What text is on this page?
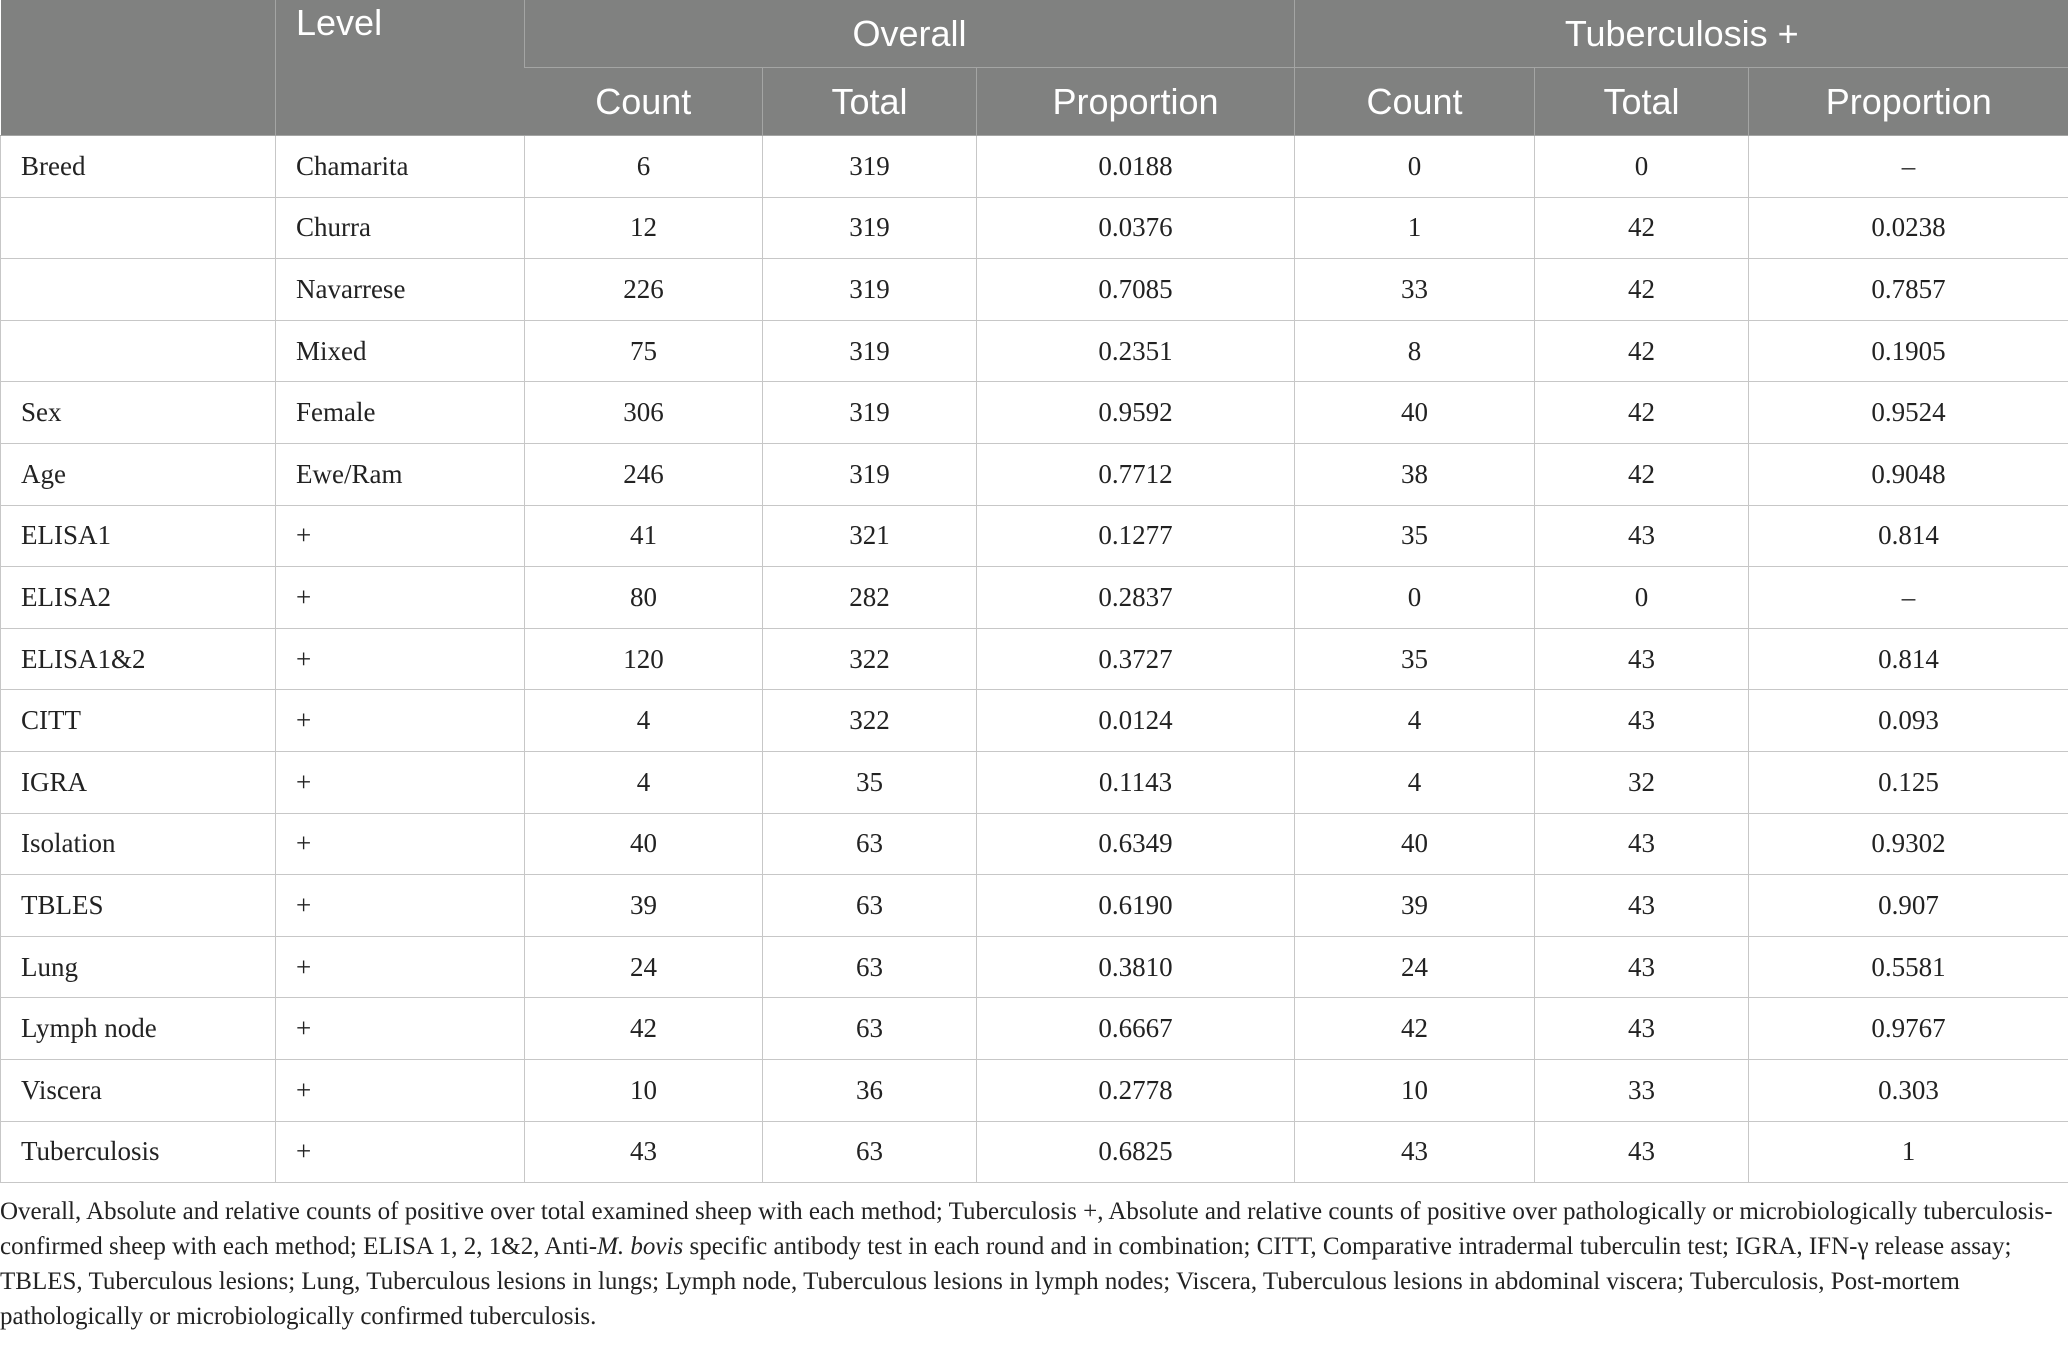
	Level	Overall			Tuberculosis +		
		Count	Total	Proportion	Count	Total	Proportion
Breed	Chamarita	6	319	0.0188	0	0	–
	Churra	12	319	0.0376	1	42	0.0238
	Navarrese	226	319	0.7085	33	42	0.7857
	Mixed	75	319	0.2351	8	42	0.1905
Sex	Female	306	319	0.9592	40	42	0.9524
Age	Ewe/Ram	246	319	0.7712	38	42	0.9048
ELISA1	+	41	321	0.1277	35	43	0.814
ELISA2	+	80	282	0.2837	0	0	–
ELISA1&2	+	120	322	0.3727	35	43	0.814
CITT	+	4	322	0.0124	4	43	0.093
IGRA	+	4	35	0.1143	4	32	0.125
Isolation	+	40	63	0.6349	40	43	0.9302
TBLES	+	39	63	0.6190	39	43	0.907
Lung	+	24	63	0.3810	24	43	0.5581
Lymph node	+	42	63	0.6667	42	43	0.9767
Viscera	+	10	36	0.2778	10	33	0.303
Tuberculosis	+	43	63	0.6825	43	43	1
Overall, Absolute and relative counts of positive over total examined sheep with each method; Tuberculosis +, Absolute and relative counts of positive over pathologically or microbiologically tuberculosis-confirmed sheep with each method; ELISA 1, 2, 1&2, Anti-M. bovis specific antibody test in each round and in combination; CITT, Comparative intradermal tuberculin test; IGRA, IFN-γ release assay; TBLES, Tuberculous lesions; Lung, Tuberculous lesions in lungs; Lymph node, Tuberculous lesions in lymph nodes; Viscera, Tuberculous lesions in abdominal viscera; Tuberculosis, Post-mortem pathologically or microbiologically confirmed tuberculosis.
